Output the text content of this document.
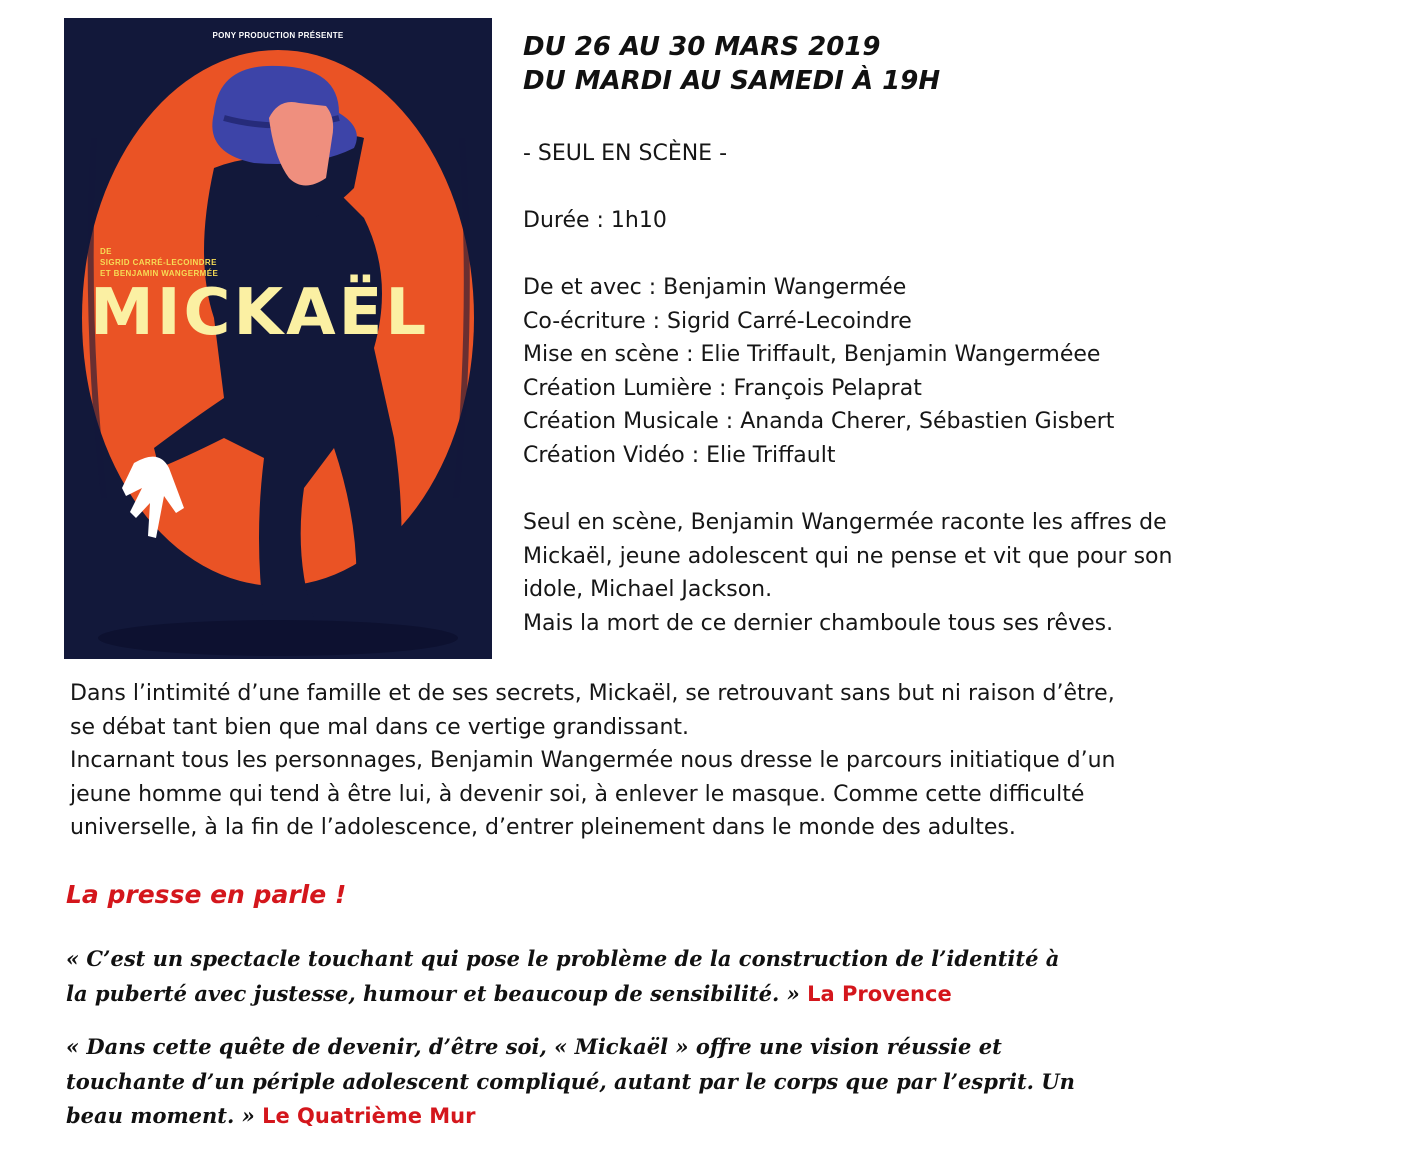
PONY PRODUCTION PRÉSENTE
DE
SIGRID CARRÉ-LECOINDRE
ET BENJAMIN WANGERMÉE
MICKAËL
DU 26 AU 30 MARS 2019
DU MARDI AU SAMEDI À 19H
- SEUL EN SCÈNE -
Durée : 1h10
De et avec : Benjamin Wangermée
Co-écriture : Sigrid Carré-Lecoindre
Mise en scène : Elie Triffault, Benjamin Wangerméee
Création Lumière : François Pelaprat
Création Musicale : Ananda Cherer, Sébastien Gisbert
Création Vidéo : Elie Triffault
Seul en scène, Benjamin Wangermée raconte les affres de
Mickaël, jeune adolescent qui ne pense et vit que pour son
idole, Michael Jackson.
Mais la mort de ce dernier chamboule tous ses rêves.
Dans l’intimité d’une famille et de ses secrets, Mickaël, se retrouvant sans but ni raison d’être,
se débat tant bien que mal dans ce vertige grandissant.
Incarnant tous les personnages, Benjamin Wangermée nous dresse le parcours initiatique d’un
jeune homme qui tend à être lui, à devenir soi, à enlever le masque. Comme cette difficulté
universelle, à la fin de l’adolescence, d’entrer pleinement dans le monde des adultes.
La presse en parle !
« C’est un spectacle touchant qui pose le problème de la construction de l’identité à
la puberté avec justesse, humour et beaucoup de sensibilité. » La Provence
« Dans cette quête de devenir, d’être soi, « Mickaël » offre une vision réussie et
touchante d’un périple adolescent compliqué, autant par le corps que par l’esprit. Un
beau moment. » Le Quatrième Mur
